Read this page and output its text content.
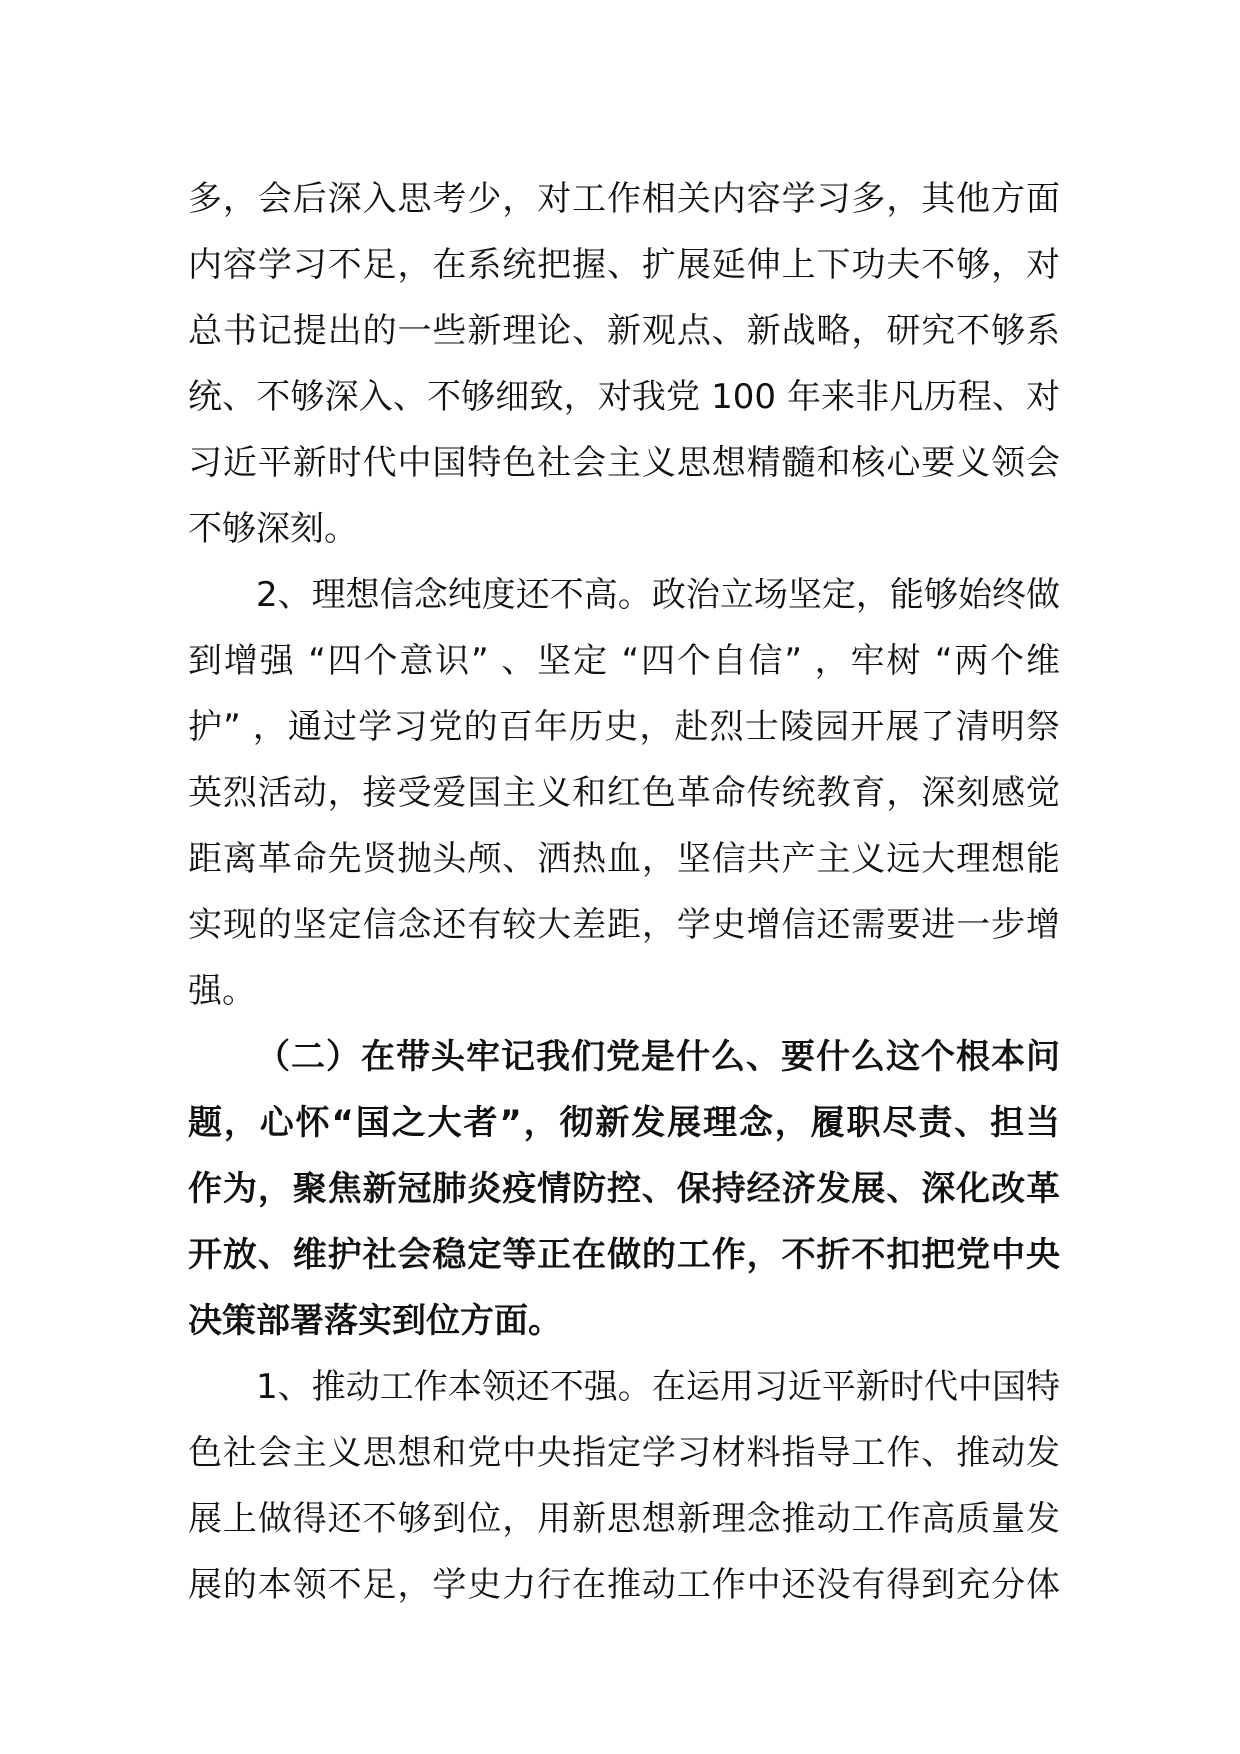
多，会后深入思考少，对工作相关内容学习多，其他方面
内容学习不足，在系统把握、扩展延伸上下功夫不够，对
总书记提出的一些新理论、新观点、新战略，研究不够系
统、不够深入、不够细致，对我党 100 年来非凡历程、对
习近平新时代中国特色社会主义思想精髓和核心要义领会
不够深刻。
2、理想信念纯度还不高。政治立场坚定，能够始终做
到增强 “四个意识” 、坚定 “四个自信” ，牢树 “两个维
护” ，通过学习党的百年历史，赴烈士陵园开展了清明祭
英烈活动，接受爱国主义和红色革命传统教育，深刻感觉
距离革命先贤抛头颅、洒热血，坚信共产主义远大理想能
实现的坚定信念还有较大差距，学史增信还需要进一步增
强。
（二）在带头牢记我们党是什么、要什么这个根本问
题，心怀“国之大者”，彻新发展理念，履职尽责、担当
作为，聚焦新冠肺炎疫情防控、保持经济发展、深化改革
开放、维护社会稳定等正在做的工作，不折不扣把党中央
决策部署落实到位方面。
1、推动工作本领还不强。在运用习近平新时代中国特
色社会主义思想和党中央指定学习材料指导工作、推动发
展上做得还不够到位，用新思想新理念推动工作高质量发
展的本领不足，学史力行在推动工作中还没有得到充分体
